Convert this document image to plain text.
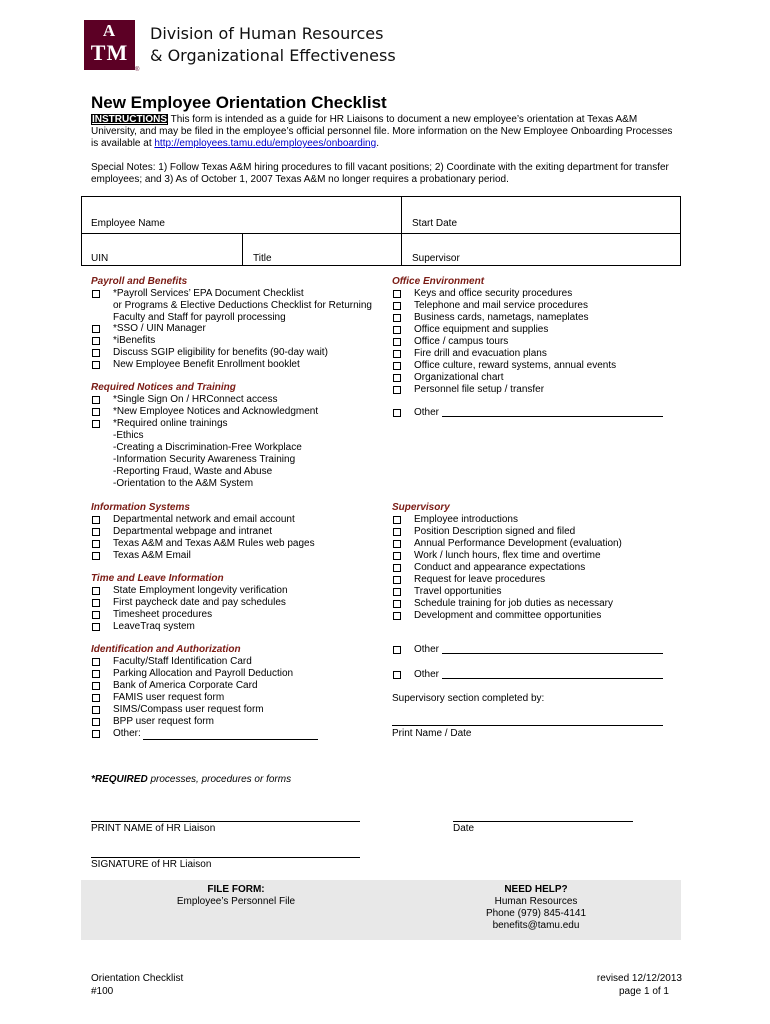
A
TM
®
Division of Human Resources
& Organizational Effectiveness
New Employee Orientation Checklist
INSTRUCTIONS This form is intended as a guide for HR Liaisons to document a new employee’s orientation at Texas A&M
University, and may be filed in the employee’s official personnel file. More information on the New Employee Onboarding Processes
is available at http://employees.tamu.edu/employees/onboarding.
Special Notes: 1) Follow Texas A&M hiring procedures to fill vacant positions; 2) Coordinate with the exiting department for transfer
employees; and 3) As of October 1, 2007 Texas A&M no longer requires a probationary period.
Employee Name	Start Date
UIN	Title	Supervisor
Payroll and Benefits
*Payroll Services’ EPA Document Checklist
or Programs & Elective Deductions Checklist for Returning
Faculty and Staff for payroll processing
*SSO / UIN Manager
*iBenefits
Discuss SGIP eligibility for benefits (90-day wait)
New Employee Benefit Enrollment booklet
Required Notices and Training
*Single Sign On / HRConnect access
*New Employee Notices and Acknowledgment
*Required online trainings
-Ethics
-Creating a Discrimination-Free Workplace
-Information Security Awareness Training
-Reporting Fraud, Waste and Abuse
-Orientation to the A&M System
Information Systems
Departmental network and email account
Departmental webpage and intranet
Texas A&M and Texas A&M Rules web pages
Texas A&M Email
Time and Leave Information
State Employment longevity verification
First paycheck date and pay schedules
Timesheet procedures
LeaveTraq system
Identification and Authorization
Faculty/Staff Identification Card
Parking Allocation and Payroll Deduction
Bank of America Corporate Card
FAMIS user request form
SIMS/Compass user request form
BPP user request form
Other:
Office Environment
Keys and office security procedures
Telephone and mail service procedures
Business cards, nametags, nameplates
Office equipment and supplies
Office / campus tours
Fire drill and evacuation plans
Office culture, reward systems, annual events
Organizational chart
Personnel file setup / transfer
Other
Supervisory
Employee introductions
Position Description signed and filed
Annual Performance Development (evaluation)
Work / lunch hours, flex time and overtime
Conduct and appearance expectations
Request for leave procedures
Travel opportunities
Schedule training for job duties as necessary
Development and committee opportunities
Other
Other
Supervisory section completed by:
Print Name / Date
*REQUIRED processes, procedures or forms
PRINT NAME of HR Liaison	Date
SIGNATURE of HR Liaison
FILE FORM:
Employee’s Personnel File
NEED HELP?
Human Resources
Phone (979) 845-4141
benefits@tamu.edu
Orientation Checklist
#100
revised 12/12/2013
page 1 of 1
